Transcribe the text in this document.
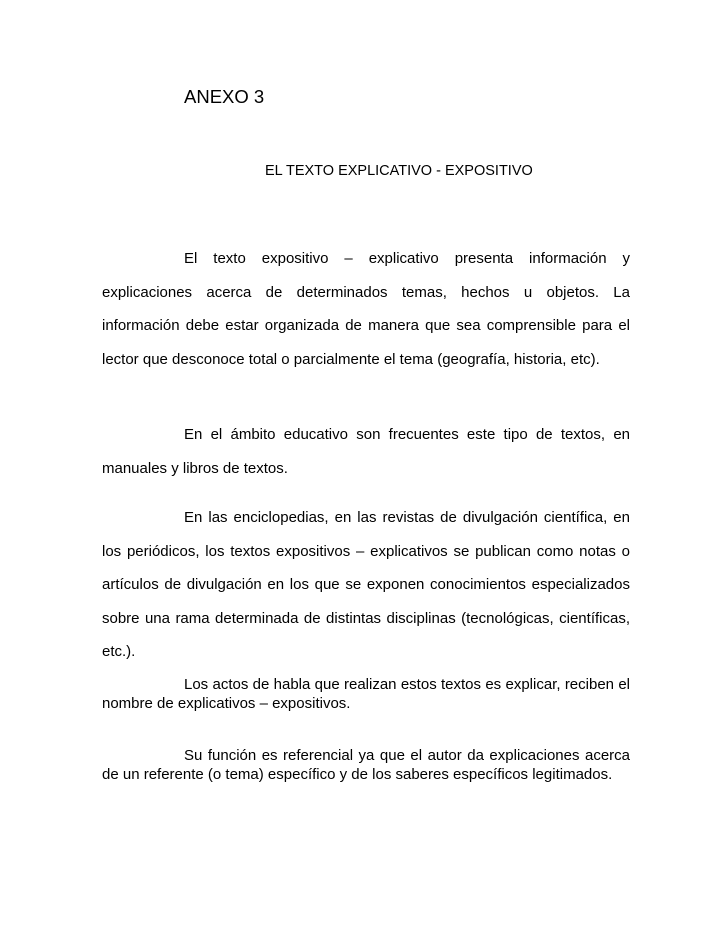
ANEXO 3
EL TEXTO EXPLICATIVO - EXPOSITIVO

El texto expositivo – explicativo presenta información y explicaciones acerca de determinados temas, hechos u objetos. La información debe estar organizada de manera que sea comprensible para el lector que desconoce total o parcialmente el tema (geografía, historia, etc).

En el ámbito educativo son frecuentes este tipo de textos, en manuales y libros de textos.

En las enciclopedias, en las revistas de divulgación científica, en los periódicos, los textos expositivos – explicativos se publican como notas o artículos de divulgación en los que se exponen conocimientos especializados sobre una rama determinada de distintas disciplinas (tecnológicas, científicas, etc.).

Los actos de habla que realizan estos textos es explicar, reciben el nombre de explicativos – expositivos.

Su función es referencial ya que el autor da explicaciones acerca de un referente (o tema) específico y de los saberes específicos legitimados.
